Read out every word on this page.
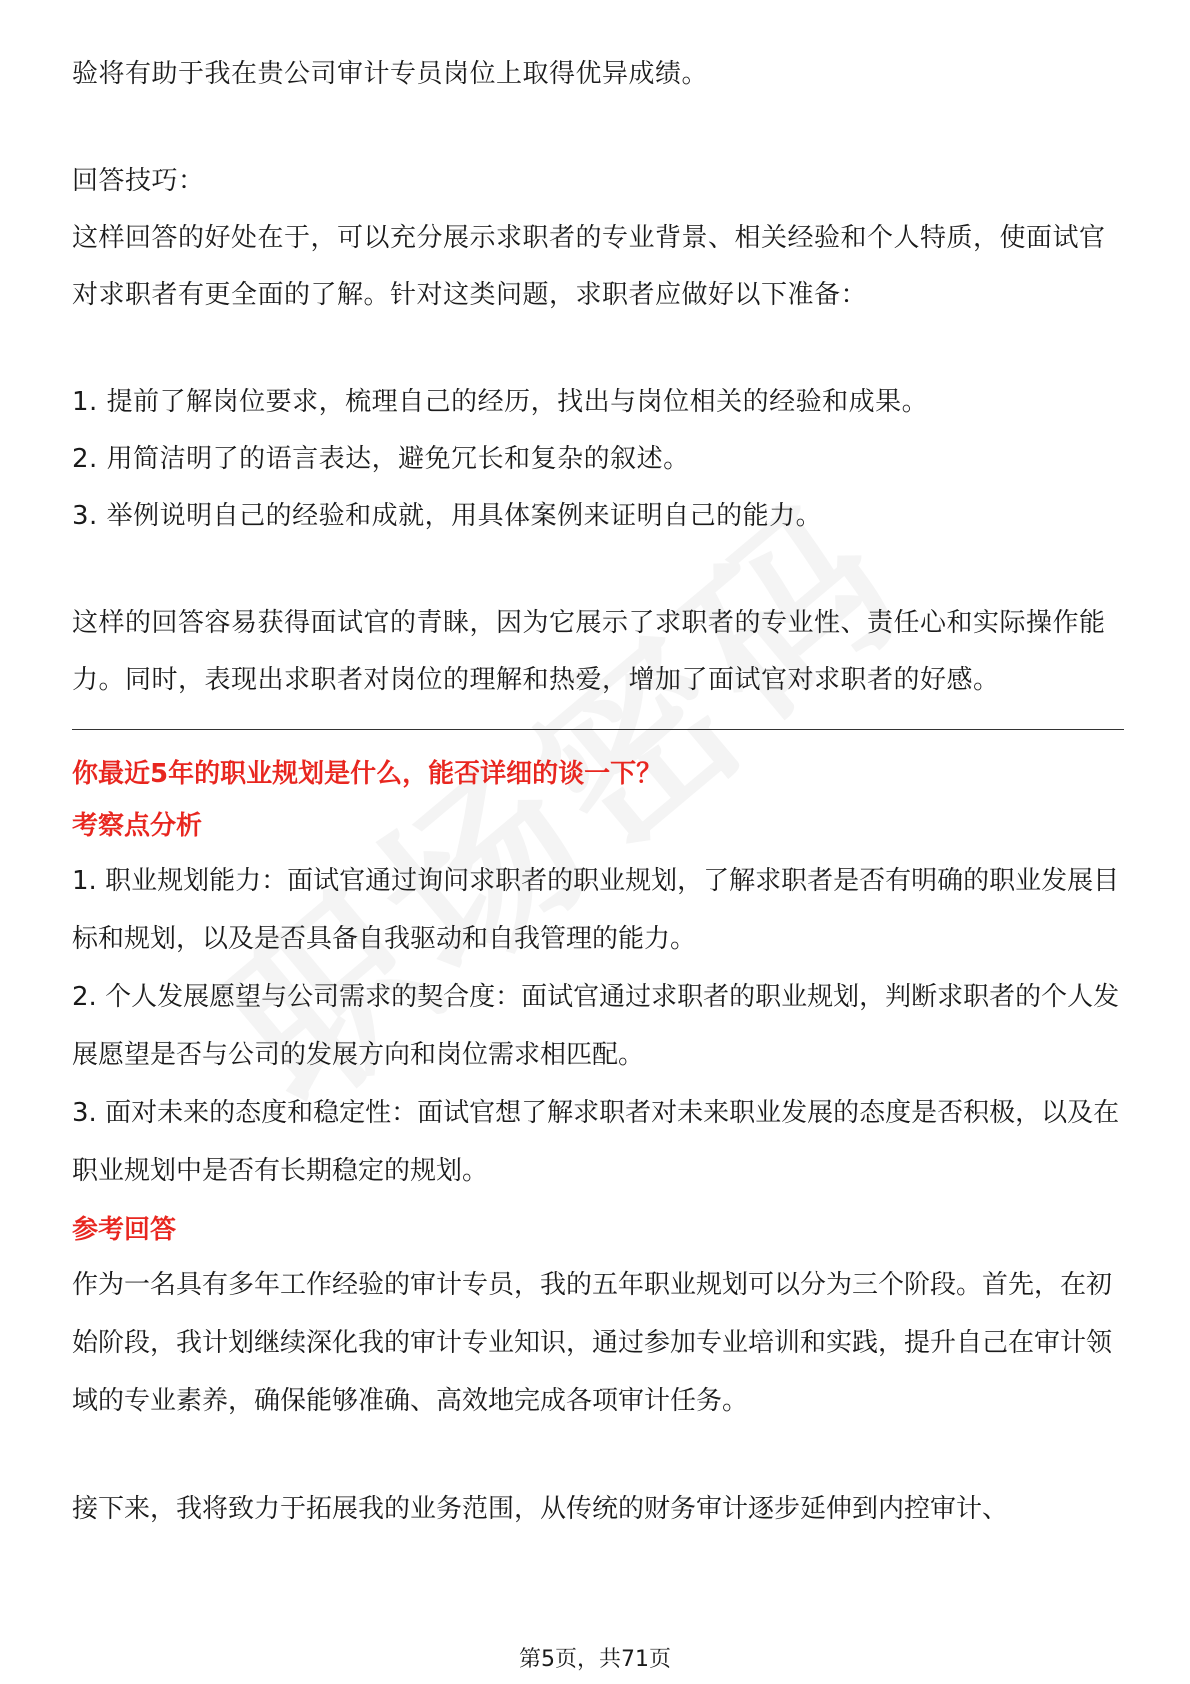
验将有助于我在贵公司审计专员岗位上取得优异成绩。

回答技巧：

这样回答的好处在于，可以充分展示求职者的专业背景、相关经验和个人特质，使面试官对求职者有更全面的了解。针对这类问题，求职者应做好以下准备：

1. 提前了解岗位要求，梳理自己的经历，找出与岗位相关的经验和成果。

2. 用简洁明了的语言表达，避免冗长和复杂的叙述。

3. 举例说明自己的经验和成就，用具体案例来证明自己的能力。

这样的回答容易获得面试官的青睐，因为它展示了求职者的专业性、责任心和实际操作能力。同时，表现出求职者对岗位的理解和热爱，增加了面试官对求职者的好感。

你最近5年的职业规划是什么，能否详细的谈一下？

考察点分析

1. 职业规划能力：面试官通过询问求职者的职业规划，了解求职者是否有明确的职业发展目标和规划，以及是否具备自我驱动和自我管理的能力。

2. 个人发展愿望与公司需求的契合度：面试官通过求职者的职业规划，判断求职者的个人发展愿望是否与公司的发展方向和岗位需求相匹配。

3. 面对未来的态度和稳定性：面试官想了解求职者对未来职业发展的态度是否积极，以及在职业规划中是否有长期稳定的规划。

参考回答

作为一名具有多年工作经验的审计专员，我的五年职业规划可以分为三个阶段。首先，在初始阶段，我计划继续深化我的审计专业知识，通过参加专业培训和实践，提升自己在审计领域的专业素养，确保能够准确、高效地完成各项审计任务。

接下来，我将致力于拓展我的业务范围，从传统的财务审计逐步延伸到内控审计、

第5页，共71页
